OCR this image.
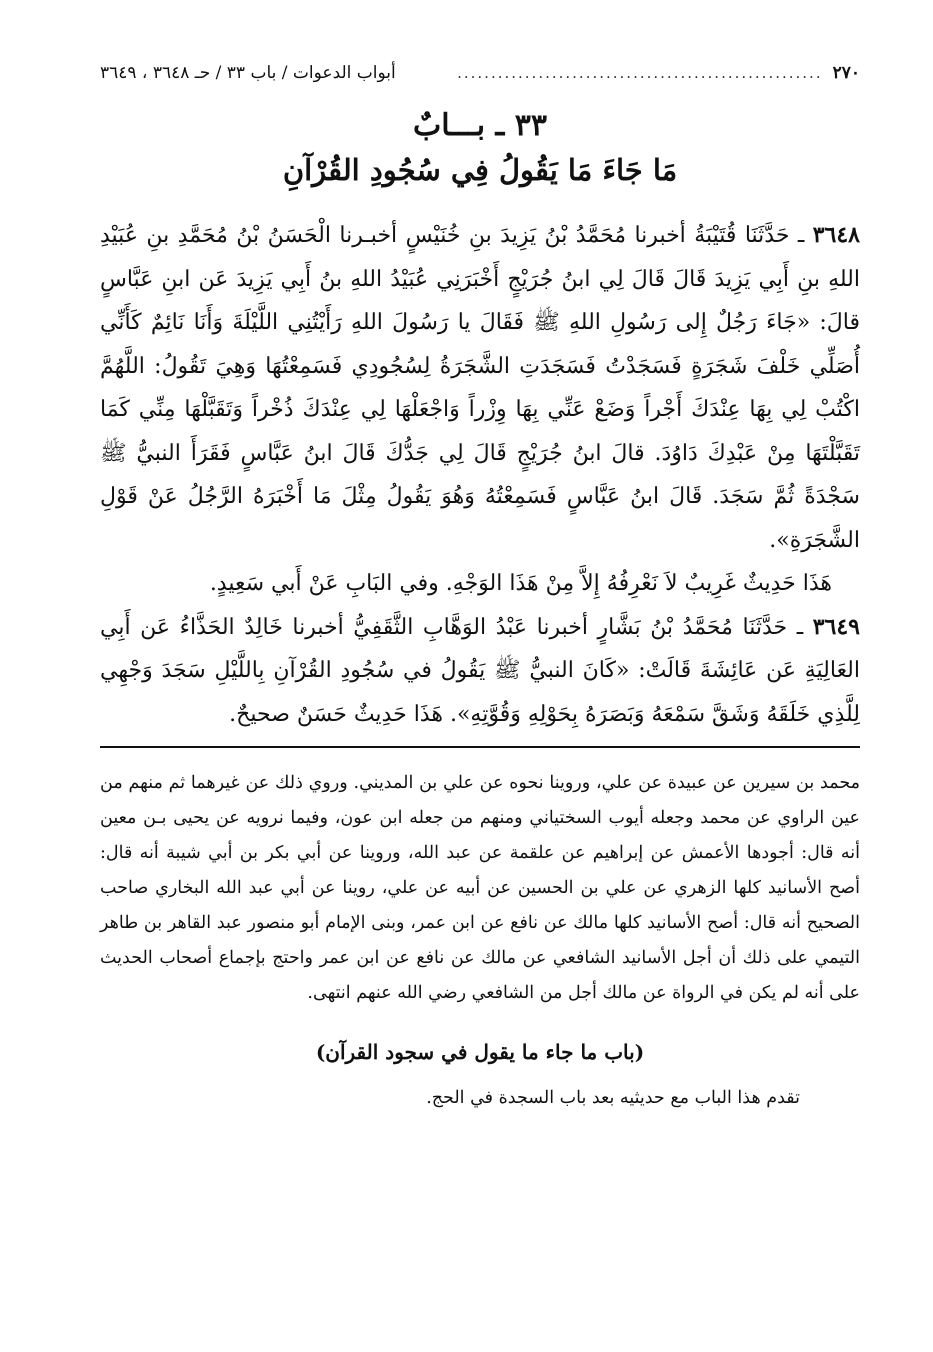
٢٧٠
......................................................
أبواب الدعوات / باب ٣٣ / حـ ٣٦٤٨ ، ٣٦٤٩
٣٣ ـ بـــابٌ
مَا جَاءَ مَا يَقُولُ فِي سُجُودِ القُرْآنِ

٣٦٤٨ ـ حَدَّثَنَا قُتَيْبَةُ أخبرنا مُحَمَّدُ بْنُ يَزِيدَ بنِ خُنَيْسٍ أخبـرنا الْحَسَنُ بْنُ مُحَمَّدِ بنِ عُبَيْدِ اللهِ بنِ أَبِي يَزِيدَ قَالَ قَالَ لِي ابنُ جُرَيْجٍ أَخْبَرَنِي عُبَيْدُ اللهِ بنُ أَبِي يَزِيدَ عَن ابنِ عَبَّاسٍ قالَ: «جَاءَ رَجُلٌ إِلى رَسُولِ اللهِ ﷺ فَقَالَ يا رَسُولَ اللهِ رَأَيْتُنِي اللَّيْلَةَ وَأَنَا نَائِمٌ كَأَنِّي أُصَلِّي خَلْفَ شَجَرَةٍ فَسَجَدْتُ فَسَجَدَتِ الشَّجَرَةُ لِسُجُودِي فَسَمِعْتُهَا وَهِيَ تَقُولُ: اللَّهُمَّ اكْتُبْ لِي بِهَا عِنْدَكَ أَجْراً وَضَعْ عَنِّي بِهَا وِزْراً وَاجْعَلْهَا لِي عِنْدَكَ ذُخْراً وَتَقَبَّلْهَا مِنِّي كَمَا تَقَبَّلْتَهَا مِنْ عَبْدِكَ دَاوُدَ. قالَ ابنُ جُرَيْجٍ قَالَ لِي جَدُّكَ قَالَ ابنُ عَبَّاسٍ فَقَرَأَ النبيُّ ﷺ سَجْدَةً ثُمَّ سَجَدَ. قَالَ ابنُ عَبَّاسٍ فَسَمِعْتُهُ وَهُوَ يَقُولُ مِثْلَ مَا أَخْبَرَهُ الرَّجُلُ عَنْ قَوْلِ الشَّجَرَةِ».

هَذَا حَدِيثٌ غَرِيبٌ لاَ نَعْرِفُهُ إِلاَّ مِنْ هَذَا الوَجْهِ. وفي البَابِ عَنْ أَبي سَعِيدٍ.

٣٦٤٩ ـ حَدَّثَنَا مُحَمَّدُ بْنُ بَشَّارٍ أخبرنا عَبْدُ الوَهَّابِ الثَّقَفِيُّ أخبرنا خَالِدٌ الحَذَّاءُ عَن أَبِي العَالِيَةِ عَن عَائِشَةَ قَالَتْ: «كَانَ النبيُّ ﷺ يَقُولُ في سُجُودِ القُرْآنِ بِاللَّيْلِ سَجَدَ وَجْهِي لِلَّذِي خَلَقَهُ وَشَقَّ سَمْعَهُ وَبَصَرَهُ بِحَوْلِهِ وَقُوَّتِهِ». هَذَا حَدِيثٌ حَسَنٌ صحيحٌ.

محمد بن سيرين عن عبيدة عن علي، وروينا نحوه عن علي بن المديني. وروي ذلك عن غيرهما ثم منهم من عين الراوي عن محمد وجعله أيوب السختياني ومنهم من جعله ابن عون، وفيما نرويه عن يحيى بـن معين أنه قال: أجودها الأعمش عن إبراهيم عن علقمة عن عبد الله، وروينا عن أبي بكر بن أبي شيبة أنه قال: أصح الأسانيد كلها الزهري عن علي بن الحسين عن أبيه عن علي، روينا عن أبي عبد الله البخاري صاحب الصحيح أنه قال: أصح الأسانيد كلها مالك عن نافع عن ابن عمر، وبنى الإمام أبو منصور عبد القاهر بن طاهر التيمي على ذلك أن أجل الأسانيد الشافعي عن مالك عن نافع عن ابن عمر واحتج بإجماع أصحاب الحديث على أنه لم يكن في الرواة عن مالك أجل من الشافعي رضي الله عنهم انتهى.

(باب ما جاء ما يقول في سجود القرآن)
تقدم هذا الباب مع حديثيه بعد باب السجدة في الحج.
